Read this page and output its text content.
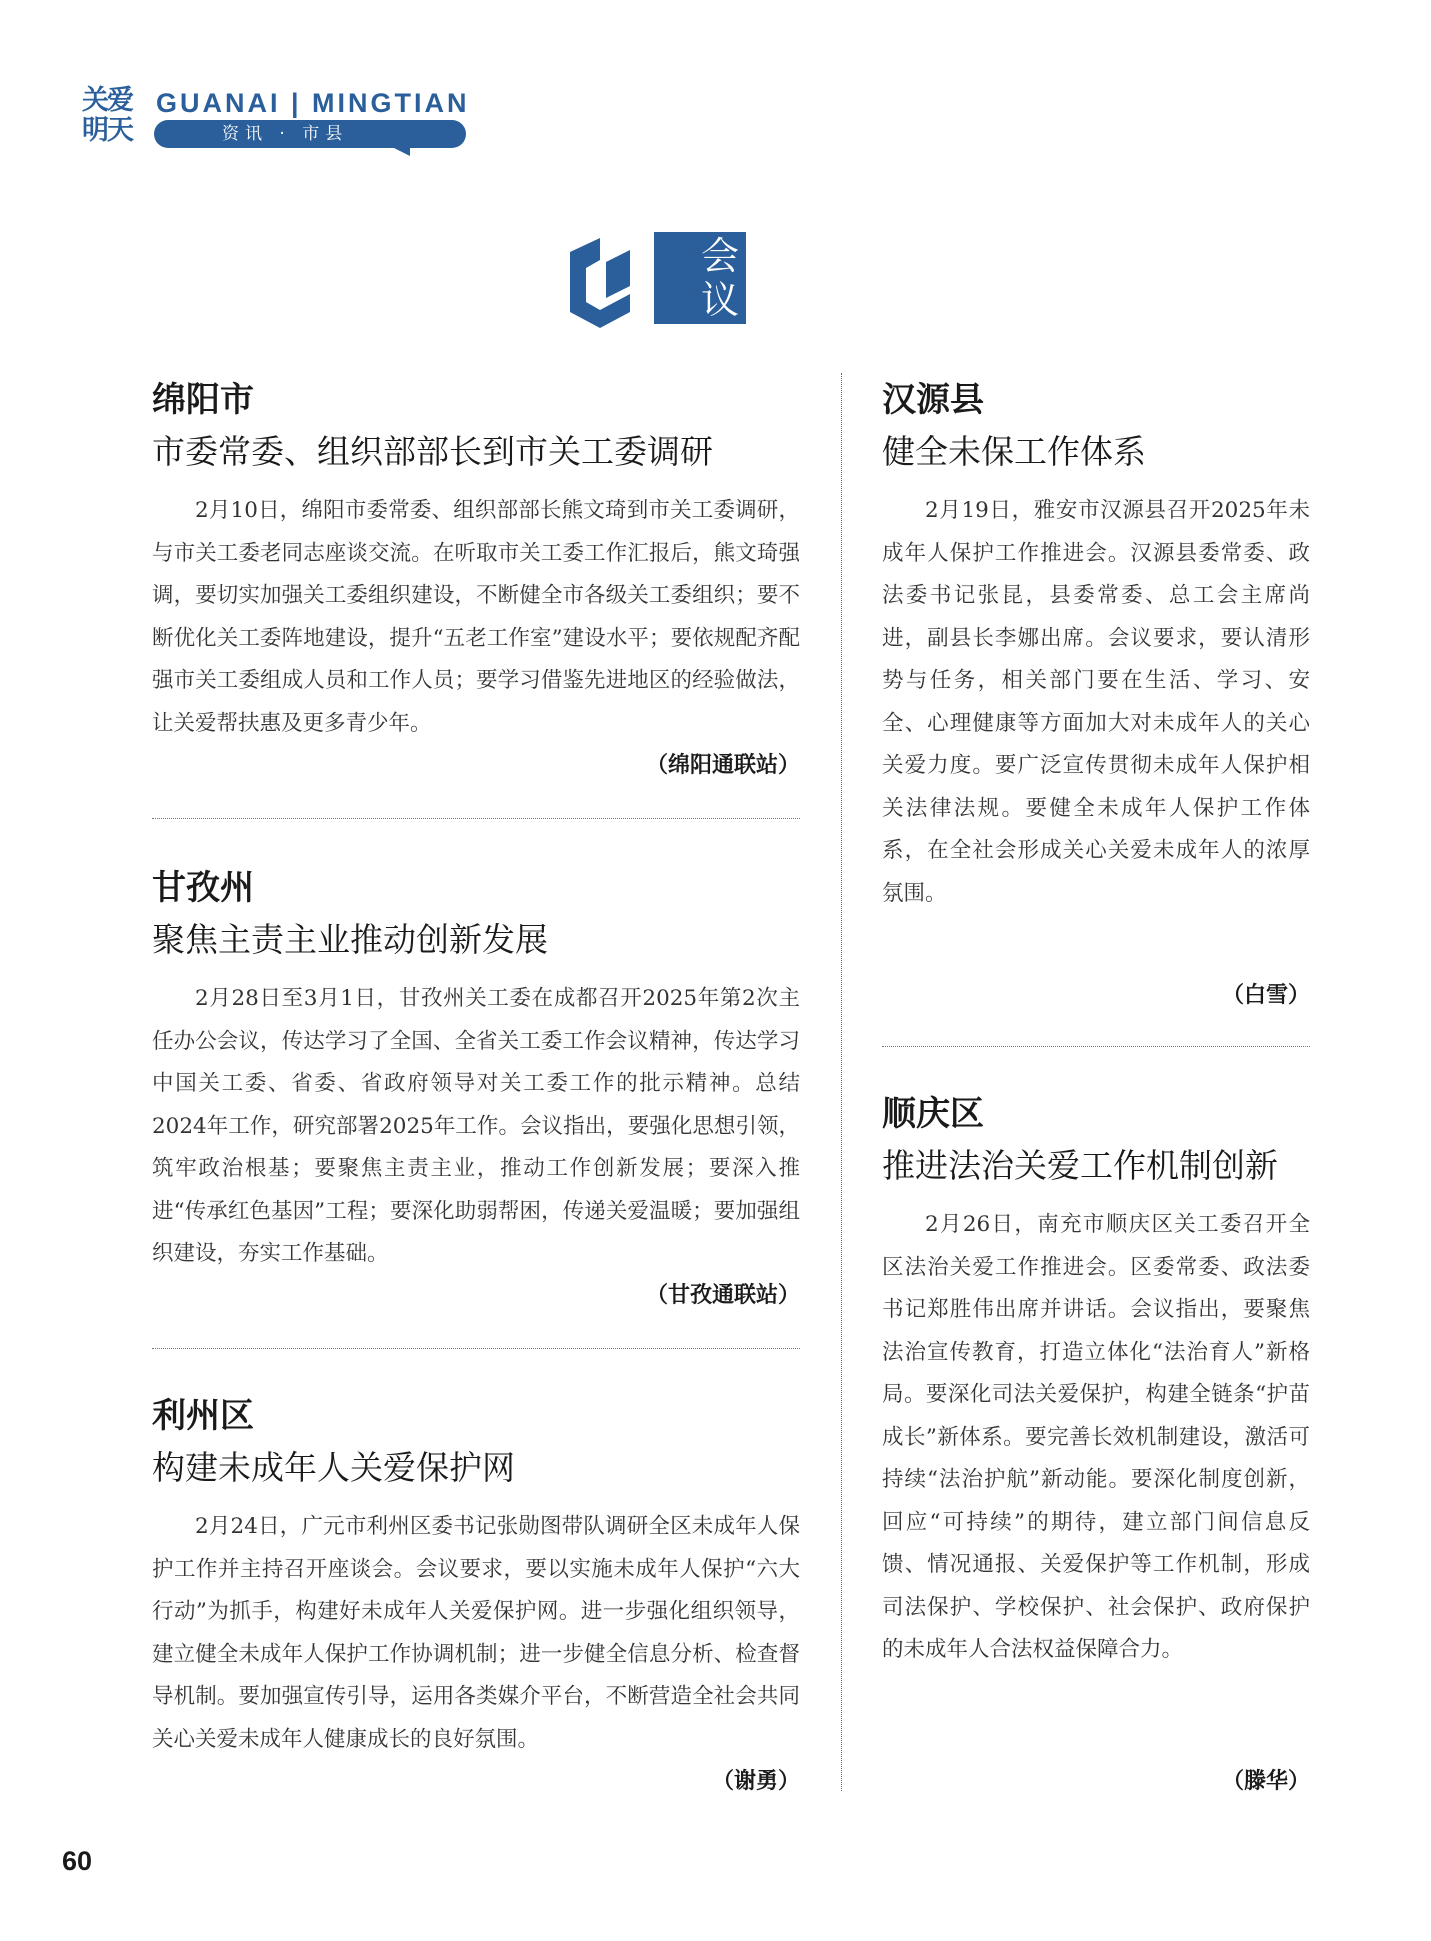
关爱
明天
GUANAI | MINGTIAN
资讯 · 市县
会议
绵阳市
市委常委、组织部部长到市关工委调研
2月10日，绵阳市委常委、组织部部长熊文琦到市关工委调研，与市关工委老同志座谈交流。在听取市关工委工作汇报后，熊文琦强调，要切实加强关工委组织建设，不断健全市各级关工委组织；要不断优化关工委阵地建设，提升“五老工作室”建设水平；要依规配齐配强市关工委组成人员和工作人员；要学习借鉴先进地区的经验做法，让关爱帮扶惠及更多青少年。
（绵阳通联站）
甘孜州
聚焦主责主业推动创新发展
2月28日至3月1日，甘孜州关工委在成都召开2025年第2次主任办公会议，传达学习了全国、全省关工委工作会议精神，传达学习中国关工委、省委、省政府领导对关工委工作的批示精神。总结2024年工作，研究部署2025年工作。会议指出，要强化思想引领，筑牢政治根基；要聚焦主责主业，推动工作创新发展；要深入推进“传承红色基因”工程；要深化助弱帮困，传递关爱温暖；要加强组织建设，夯实工作基础。
（甘孜通联站）
利州区
构建未成年人关爱保护网
2月24日，广元市利州区委书记张勋图带队调研全区未成年人保护工作并主持召开座谈会。会议要求，要以实施未成年人保护“六大行动”为抓手，构建好未成年人关爱保护网。进一步强化组织领导，建立健全未成年人保护工作协调机制；进一步健全信息分析、检查督导机制。要加强宣传引导，运用各类媒介平台，不断营造全社会共同关心关爱未成年人健康成长的良好氛围。
（谢勇）
汉源县
健全未保工作体系
2月19日，雅安市汉源县召开2025年未成年人保护工作推进会。汉源县委常委、政法委书记张昆，县委常委、总工会主席尚进，副县长李娜出席。会议要求，要认清形势与任务，相关部门要在生活、学习、安全、心理健康等方面加大对未成年人的关心关爱力度。要广泛宣传贯彻未成年人保护相关法律法规。要健全未成年人保护工作体系，在全社会形成关心关爱未成年人的浓厚氛围。
（白雪）
顺庆区
推进法治关爱工作机制创新
2月26日，南充市顺庆区关工委召开全区法治关爱工作推进会。区委常委、政法委书记郑胜伟出席并讲话。会议指出，要聚焦法治宣传教育，打造立体化“法治育人”新格局。要深化司法关爱保护，构建全链条“护苗成长”新体系。要完善长效机制建设，激活可持续“法治护航”新动能。要深化制度创新，回应“可持续”的期待，建立部门间信息反馈、情况通报、关爱保护等工作机制，形成司法保护、学校保护、社会保护、政府保护的未成年人合法权益保障合力。
（滕华）
60
